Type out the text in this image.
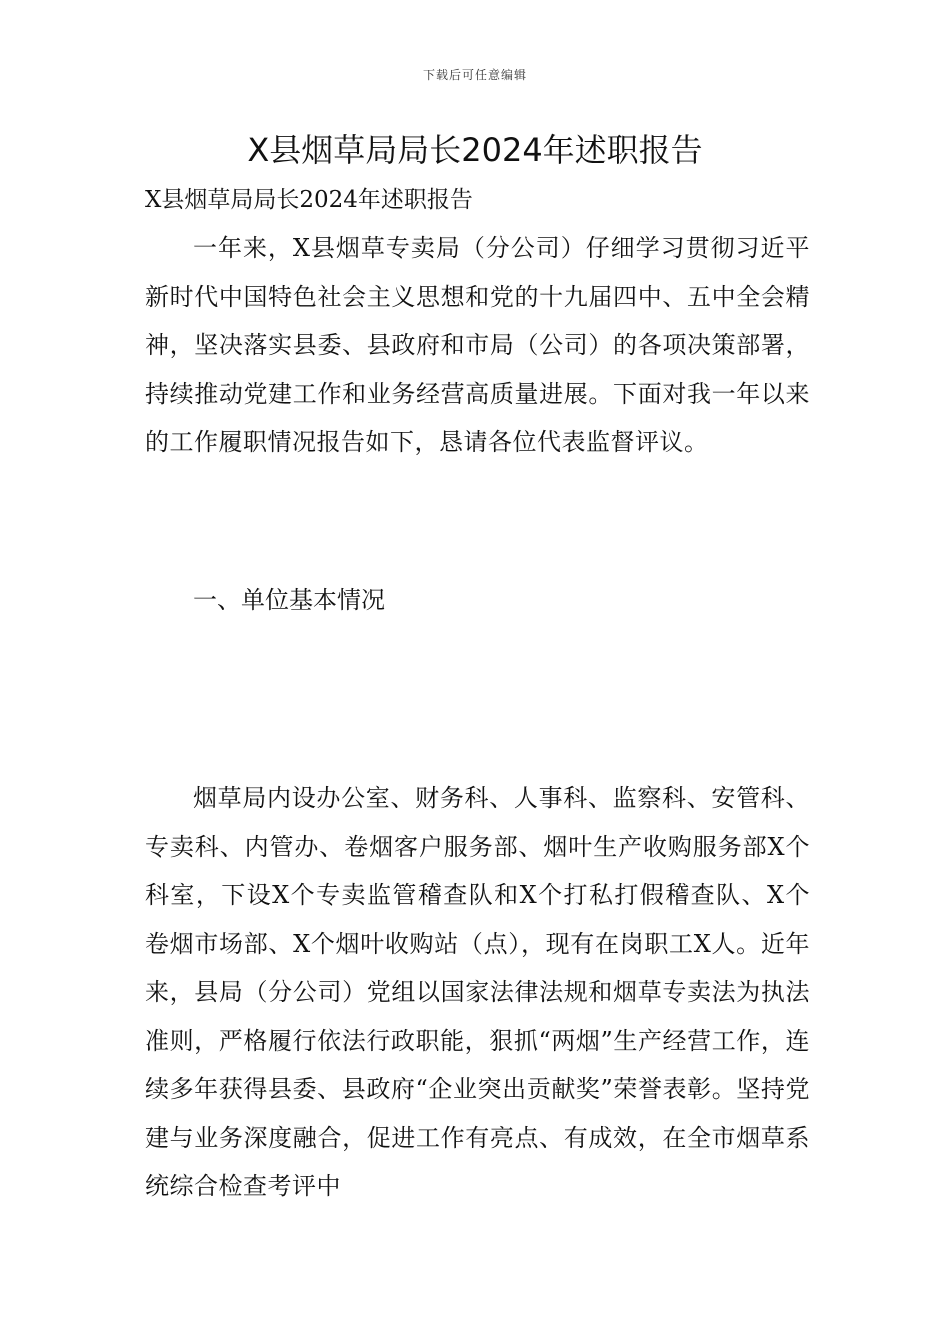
下载后可任意编辑
X县烟草局局长2024年述职报告

X县烟草局局长2024年述职报告

一年来，X县烟草专卖局（分公司）仔细学习贯彻习近平新时代中国特色社会主义思想和党的十九届四中、五中全会精神，坚决落实县委、县政府和市局（公司）的各项决策部署，持续推动党建工作和业务经营高质量进展。下面对我一年以来的工作履职情况报告如下，恳请各位代表监督评议。

一、单位基本情况

烟草局内设办公室、财务科、人事科、监察科、安管科、专卖科、内管办、卷烟客户服务部、烟叶生产收购服务部X个科室，下设X个专卖监管稽查队和X个打私打假稽查队、X个卷烟市场部、X个烟叶收购站（点），现有在岗职工X人。近年来，县局（分公司）党组以国家法律法规和烟草专卖法为执法准则，严格履行依法行政职能，狠抓“两烟”生产经营工作，连续多年获得县委、县政府“企业突出贡献奖”荣誉表彰。坚持党建与业务深度融合，促进工作有亮点、有成效，在全市烟草系统综合检查考评中
